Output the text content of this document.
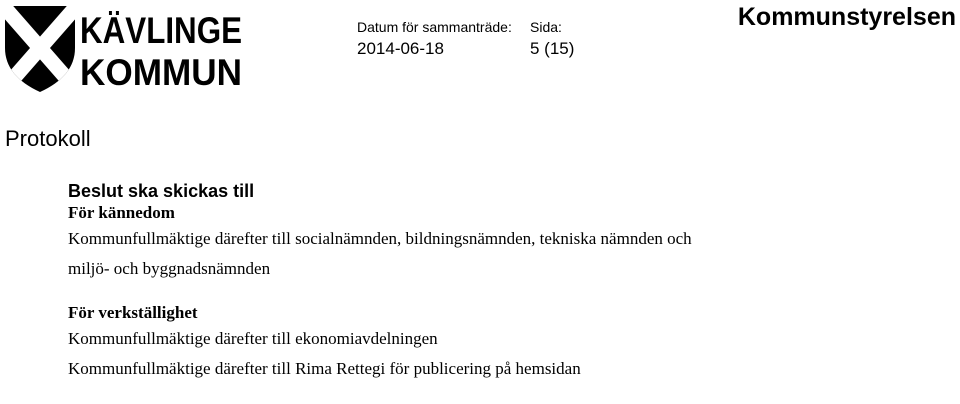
KÄVLINGE
KOMMUN
Datum för sammanträde:
2014-06-18
Sida:
5 (15)
Kommunstyrelsen
Protokoll
Beslut ska skickas till
För kännedom
Kommunfullmäktige därefter till socialnämnden, bildningsnämnden, tekniska nämnden och
miljö- och byggnadsnämnden
För verkställighet
Kommunfullmäktige därefter till ekonomiavdelningen
Kommunfullmäktige därefter till Rima Rettegi för publicering på hemsidan
